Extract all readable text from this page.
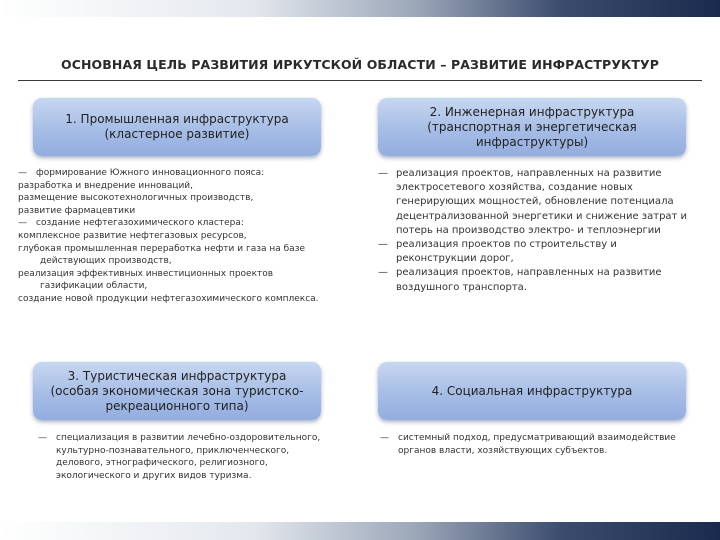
ОСНОВНАЯ ЦЕЛЬ РАЗВИТИЯ ИРКУТСКОЙ ОБЛАСТИ – РАЗВИТИЕ ИНФРАСТРУКТУР
1. Промышленная инфраструктура
(кластерное развитие)
— формирование Южного инновационного пояса:
разработка и внедрение инноваций,
размещение высокотехнологичных производств,
развитие фармацевтики
— создание нефтегазохимического кластера:
комплексное развитие нефтегазовых ресурсов,
глубокая промышленная переработка нефти и газа на базе действующих производств,
реализация эффективных инвестиционных проектов газификации области,
создание новой продукции нефтегазохимического комплекса.
2. Инженерная инфраструктура
(транспортная и энергетическая
инфраструктуры)
— реализация проектов, направленных на развитие электросетевого хозяйства, создание новых генерирующих мощностей, обновление потенциала децентрализованной энергетики и снижение затрат и потерь на производство электро- и теплоэнергии
— реализация проектов по строительству и реконструкции дорог,
— реализация проектов, направленных на развитие воздушного транспорта.
3. Туристическая инфраструктура
(особая экономическая зона туристско-
рекреационного типа)
— специализация в развитии лечебно-оздоровительного, культурно-познавательного, приключенческого, делового, этнографического, религиозного, экологического и других видов туризма.
4. Социальная инфраструктура
— системный подход, предусматривающий взаимодействие органов власти, хозяйствующих субъектов.
